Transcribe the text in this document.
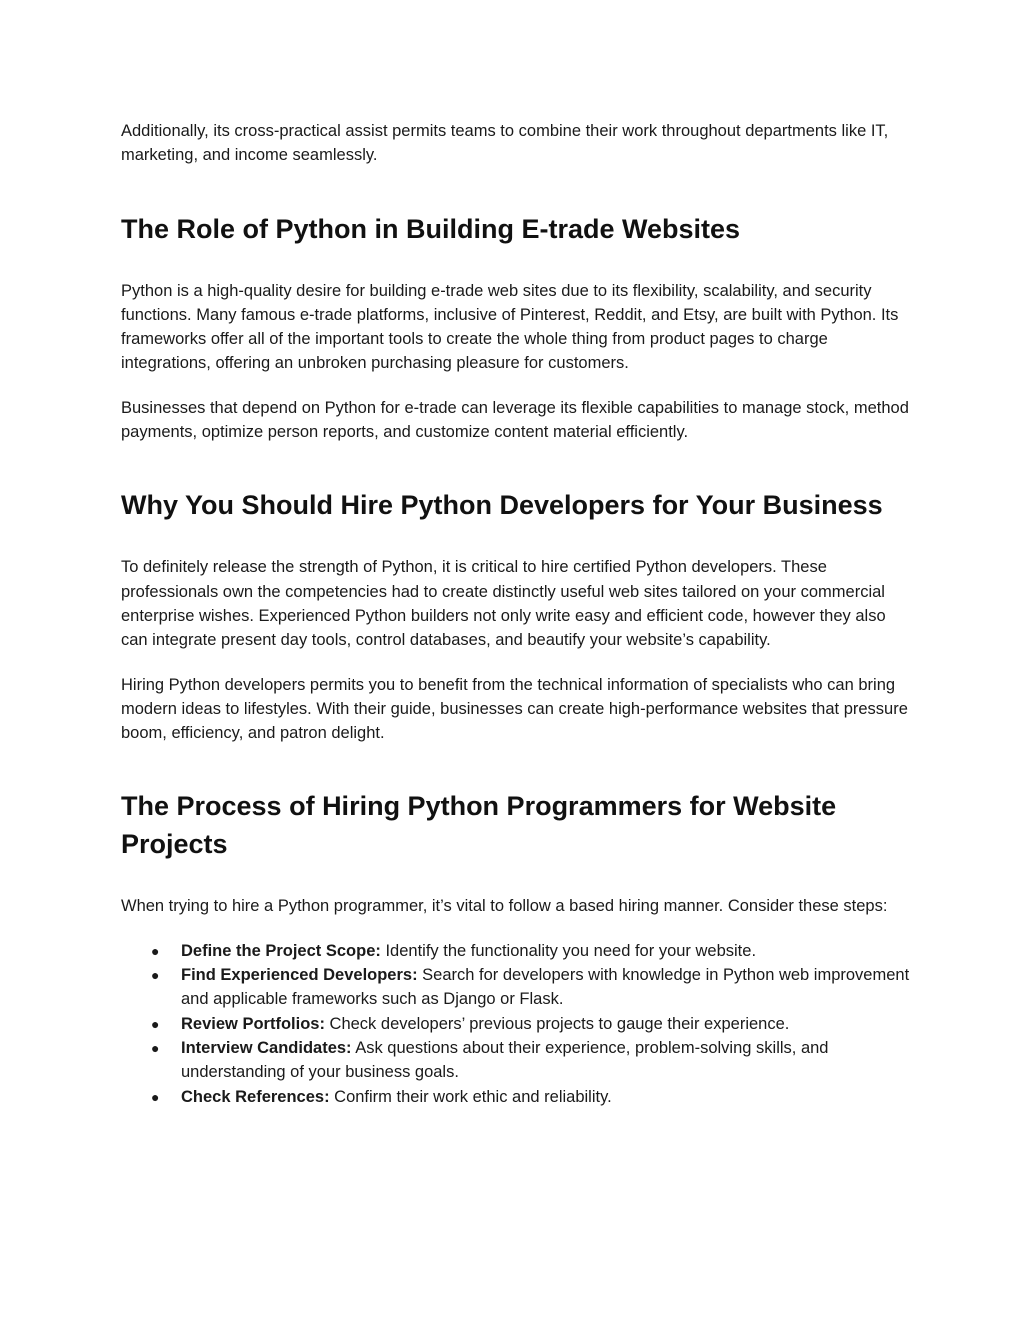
Additionally, its cross-practical assist permits teams to combine their work throughout departments like IT, marketing, and income seamlessly.

The Role of Python in Building E-trade Websites

Python is a high-quality desire for building e-trade web sites due to its flexibility, scalability, and security functions. Many famous e-trade platforms, inclusive of Pinterest, Reddit, and Etsy, are built with Python. Its frameworks offer all of the important tools to create the whole thing from product pages to charge integrations, offering an unbroken purchasing pleasure for customers.

Businesses that depend on Python for e-trade can leverage its flexible capabilities to manage stock, method payments, optimize person reports, and customize content material efficiently.

Why You Should Hire Python Developers for Your Business

To definitely release the strength of Python, it is critical to hire certified Python developers. These professionals own the competencies had to create distinctly useful web sites tailored on your commercial enterprise wishes. Experienced Python builders not only write easy and efficient code, however they also can integrate present day tools, control databases, and beautify your website’s capability.

Hiring Python developers permits you to benefit from the technical information of specialists who can bring modern ideas to lifestyles. With their guide, businesses can create high-performance websites that pressure boom, efficiency, and patron delight.

The Process of Hiring Python Programmers for Website Projects

When trying to hire a Python programmer, it’s vital to follow a based hiring manner. Consider these steps:

● Define the Project Scope: Identify the functionality you need for your website.
● Find Experienced Developers: Search for developers with knowledge in Python web improvement and applicable frameworks such as Django or Flask.
● Review Portfolios: Check developers’ previous projects to gauge their experience.
● Interview Candidates: Ask questions about their experience, problem-solving skills, and understanding of your business goals.
● Check References: Confirm their work ethic and reliability.
